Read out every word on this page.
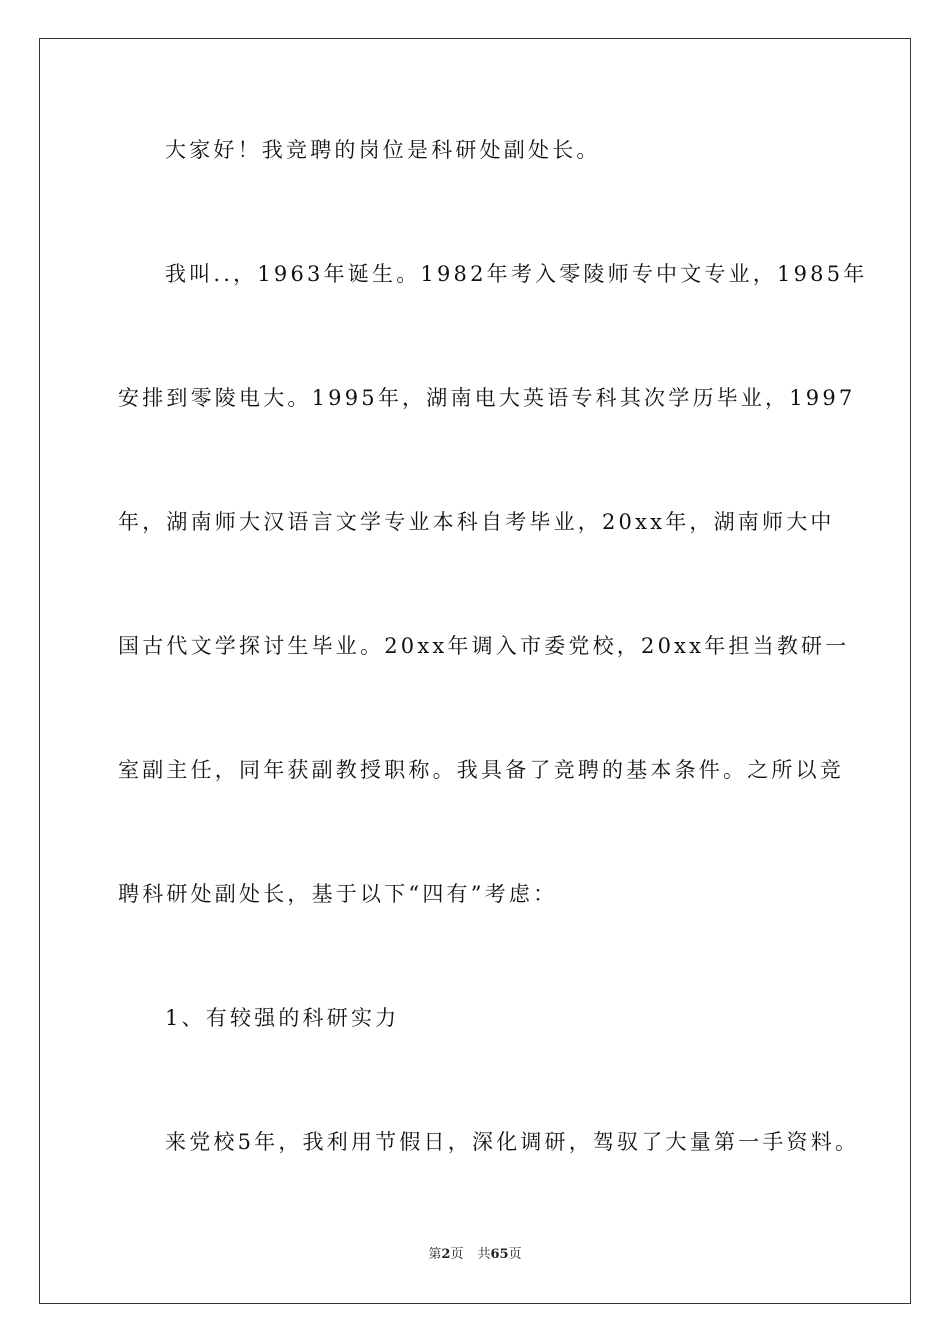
大家好！我竞聘的岗位是科研处副处长。
我叫..，1963年诞生。1982年考入零陵师专中文专业，1985年
安排到零陵电大。1995年，湖南电大英语专科其次学历毕业，1997
年，湖南师大汉语言文学专业本科自考毕业，20xx年，湖南师大中
国古代文学探讨生毕业。20xx年调入市委党校，20xx年担当教研一
室副主任，同年获副教授职称。我具备了竞聘的基本条件。之所以竞
聘科研处副处长，基于以下“四有”考虑：
1、有较强的科研实力
来党校5年，我利用节假日，深化调研，驾驭了大量第一手资料。
第2页 共65页
